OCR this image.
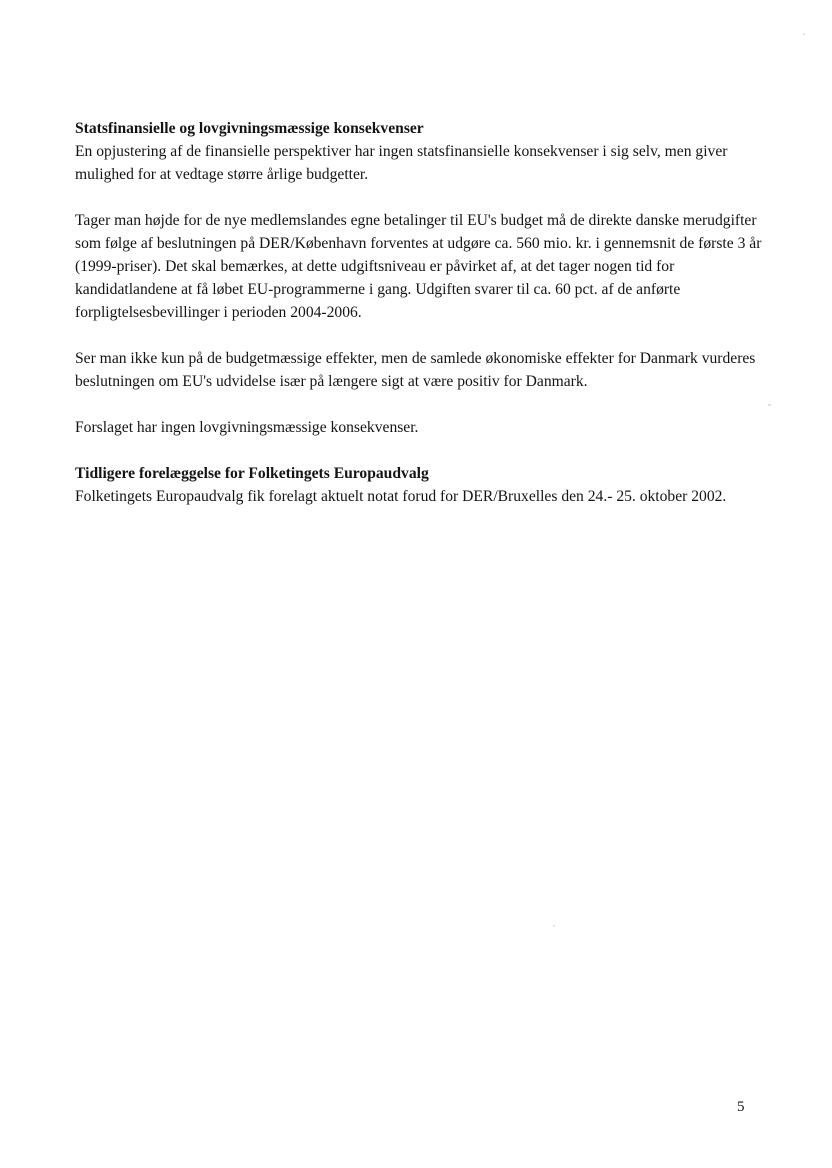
Statsfinansielle og lovgivningsmæssige konsekvenser

En opjustering af de finansielle perspektiver har ingen statsfinansielle konsekvenser i sig selv, men giver mulighed for at vedtage større årlige budgetter.

Tager man højde for de nye medlemslandes egne betalinger til EU's budget må de direkte danske merudgifter som følge af beslutningen på DER/København forventes at udgøre ca. 560 mio. kr. i gennemsnit de første 3 år (1999-priser). Det skal bemærkes, at dette udgiftsniveau er påvirket af, at det tager nogen tid for kandidatlandene at få løbet EU-programmerne i gang. Udgiften svarer til ca. 60 pct. af de anførte forpligtelsesbevillinger i perioden 2004-2006.

Ser man ikke kun på de budgetmæssige effekter, men de samlede økonomiske effekter for Danmark vurderes beslutningen om EU's udvidelse især på længere sigt at være positiv for Danmark.

Forslaget har ingen lovgivningsmæssige konsekvenser.

Tidligere forelæggelse for Folketingets Europaudvalg

Folketingets Europaudvalg fik forelagt aktuelt notat forud for DER/Bruxelles den 24.- 25. oktober 2002.

5
